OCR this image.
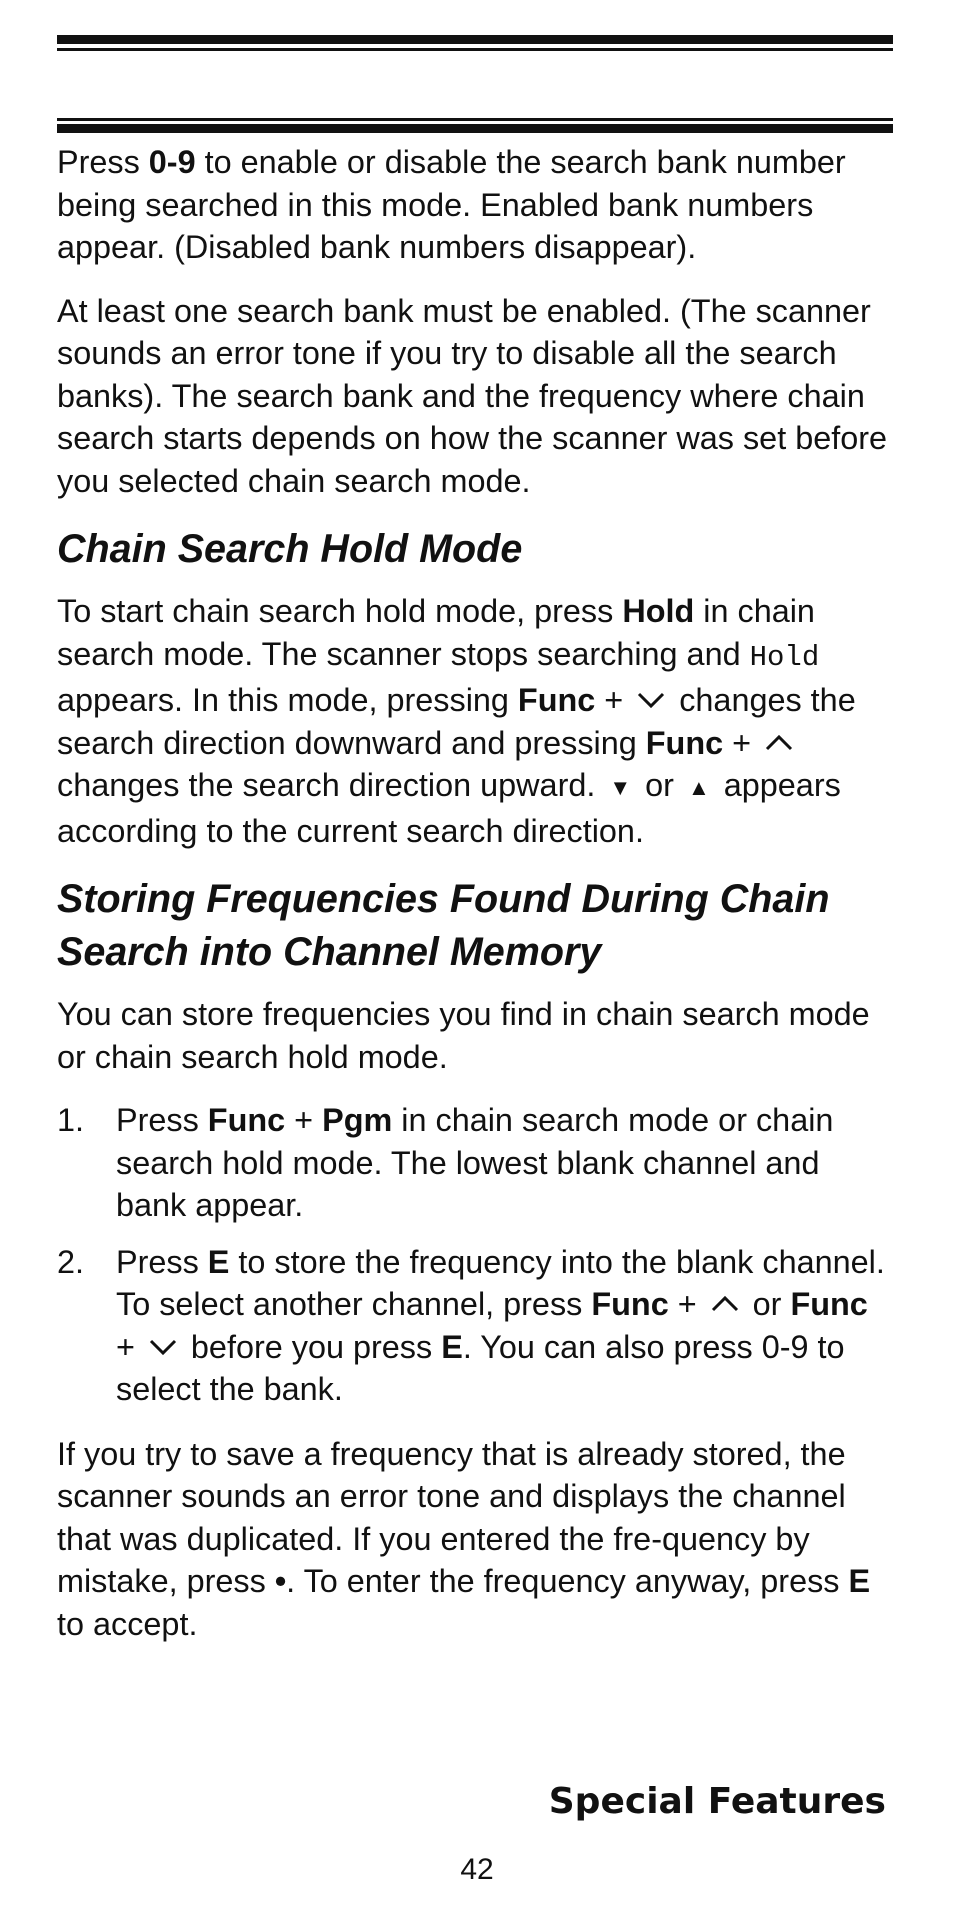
Press 0-9 to enable or disable the search bank number being searched in this mode. Enabled bank numbers appear. (Disabled bank numbers disappear).

At least one search bank must be enabled. (The scanner sounds an error tone if you try to disable all the search banks). The search bank and the frequency where chain search starts depends on how the scanner was set before you selected chain search mode.

Chain Search Hold Mode

To start chain search hold mode, press Hold in chain search mode. The scanner stops searching and Hold appears. In this mode, pressing Func +
changes the search direction downward and pressing Func +
changes the search direction upward. ▼ or ▲ appears according to the current search direction.

Storing Frequencies Found During Chain Search into Channel Memory

You can store frequencies you find in chain search mode or chain search hold mode.

1. Press Func + Pgm in chain search mode or chain search hold mode. The lowest blank channel and bank appear.
2. Press E to store the frequency into the blank channel. To select another channel, press Func +
or Func +
before you press E. You can also press 0-9 to select the bank.

If you try to save a frequency that is already stored, the scanner sounds an error tone and displays the channel that was duplicated. If you entered the fre-quency by mistake, press •. To enter the frequency anyway, press E to accept.

Special Features
42
